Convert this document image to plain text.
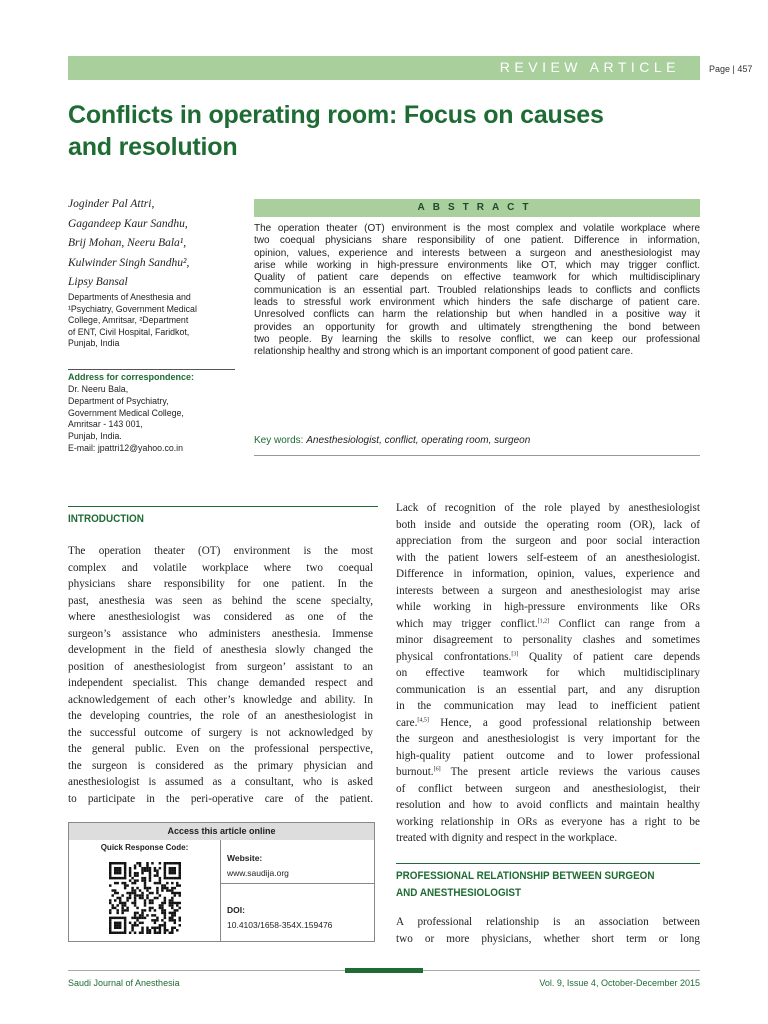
REVIEW ARTICLE	Page | 457
Conflicts in operating room: Focus on causes
and resolution
Joginder Pal Attri,
Gagandeep Kaur Sandhu,
Brij Mohan, Neeru Bala¹,
Kulwinder Singh Sandhu²,
Lipsy Bansal
Departments of Anesthesia and
¹Psychiatry, Government Medical
College, Amritsar, ²Department
of ENT, Civil Hospital, Faridkot,
Punjab, India
Address for correspondence:
Dr. Neeru Bala,
Department of Psychiatry,
Government Medical College,
Amritsar - 143 001,
Punjab, India.
E-mail: jpattri12@yahoo.co.in
ABSTRACT
The operation theater (OT) environment is the most complex and volatile workplace where
two coequal physicians share responsibility of one patient. Difference in information,
opinion, values, experience and interests between a surgeon and anesthesiologist may
arise while working in high-pressure environments like OT, which may trigger conflict.
Quality of patient care depends on effective teamwork for which multidisciplinary
communication is an essential part. Troubled relationships leads to conflicts and conflicts
leads to stressful work environment which hinders the safe discharge of patient care.
Unresolved conflicts can harm the relationship but when handled in a positive way it
provides an opportunity for growth and ultimately strengthening the bond between
two people. By learning the skills to resolve conflict, we can keep our professional
relationship healthy and strong which is an important component of good patient care.
Key words: Anesthesiologist, conflict, operating room, surgeon
INTRODUCTION
The operation theater (OT) environment is the most
complex and volatile workplace where two coequal
physicians share responsibility for one patient. In the
past, anesthesia was seen as behind the scene specialty,
where anesthesiologist was considered as one of the
surgeon’s assistance who administers anesthesia. Immense
development in the field of anesthesia slowly changed the
position of anesthesiologist from surgeon’ assistant to an
independent specialist. This change demanded respect and
acknowledgement of each other’s knowledge and ability. In
the developing countries, the role of an anesthesiologist in
the successful outcome of surgery is not acknowledged by
the general public. Even on the professional perspective,
the surgeon is considered as the primary physician and
anesthesiologist is assumed as a consultant, who is asked
to participate in the peri-operative care of the patient.
Access this article online
Quick Response Code:
Website:
www.saudija.org
DOI:
10.4103/1658-354X.159476
Lack of recognition of the role played by anesthesiologist
both inside and outside the operating room (OR), lack of
appreciation from the surgeon and poor social interaction
with the patient lowers self-esteem of an anesthesiologist.
Difference in information, opinion, values, experience and
interests between a surgeon and anesthesiologist may arise
while working in high-pressure environments like ORs
which may trigger conflict.[1,2] Conflict can range from a
minor disagreement to personality clashes and sometimes
physical confrontations.[3] Quality of patient care depends
on effective teamwork for which multidisciplinary
communication is an essential part, and any disruption
in the communication may lead to inefficient patient
care.[4,5] Hence, a good professional relationship between
the surgeon and anesthesiologist is very important for the
high-quality patient outcome and to lower professional
burnout.[6] The present article reviews the various causes
of conflict between surgeon and anesthesiologist, their
resolution and how to avoid conflicts and maintain healthy
working relationship in ORs as everyone has a right to be
treated with dignity and respect in the workplace.
PROFESSIONAL RELATIONSHIP BETWEEN SURGEON
AND ANESTHESIOLOGIST
A professional relationship is an association between
two or more physicians, whether short term or long
Saudi Journal of Anesthesia	Vol. 9, Issue 4, October-December 2015
